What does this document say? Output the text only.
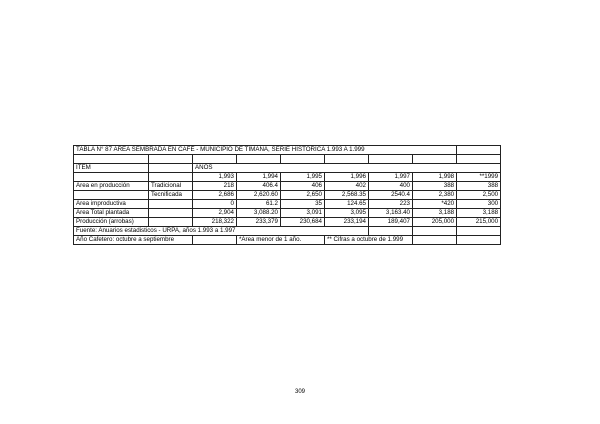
TABLA N° 87 AREA SEMBRADA EN CAFÉ - MUNICIPIO DE TIMANA, SERIE HISTORICA 1.993 A 1.999								

ITEM		AÑOS						
		1,993	1,994	1,995	1,996	1,997	1,998	**1999
Area en producción	Tradicional	218	406.4	406	402	400	388	388
	Tecnificada	2,686	2,620.60	2,650	2,568.35	2540.4	2,380	2,500
Area improductiva		0	61.2	35	124.65	223	*420	300
Area Total plantada		2,904	3,088.20	3,091	3,095	3,163.40	3,188	3,188
Producción (arrobas)		218,322	233,379	230,684	233,194	189,407	205,000	215,000
Fuente: Anuarios estadisticos - URPA, años 1.993 a 1.997								
Año Cafetero: octubre a septiembre			*Area menor de 1 año.		** Cifras a octubre de 1.999			
309
